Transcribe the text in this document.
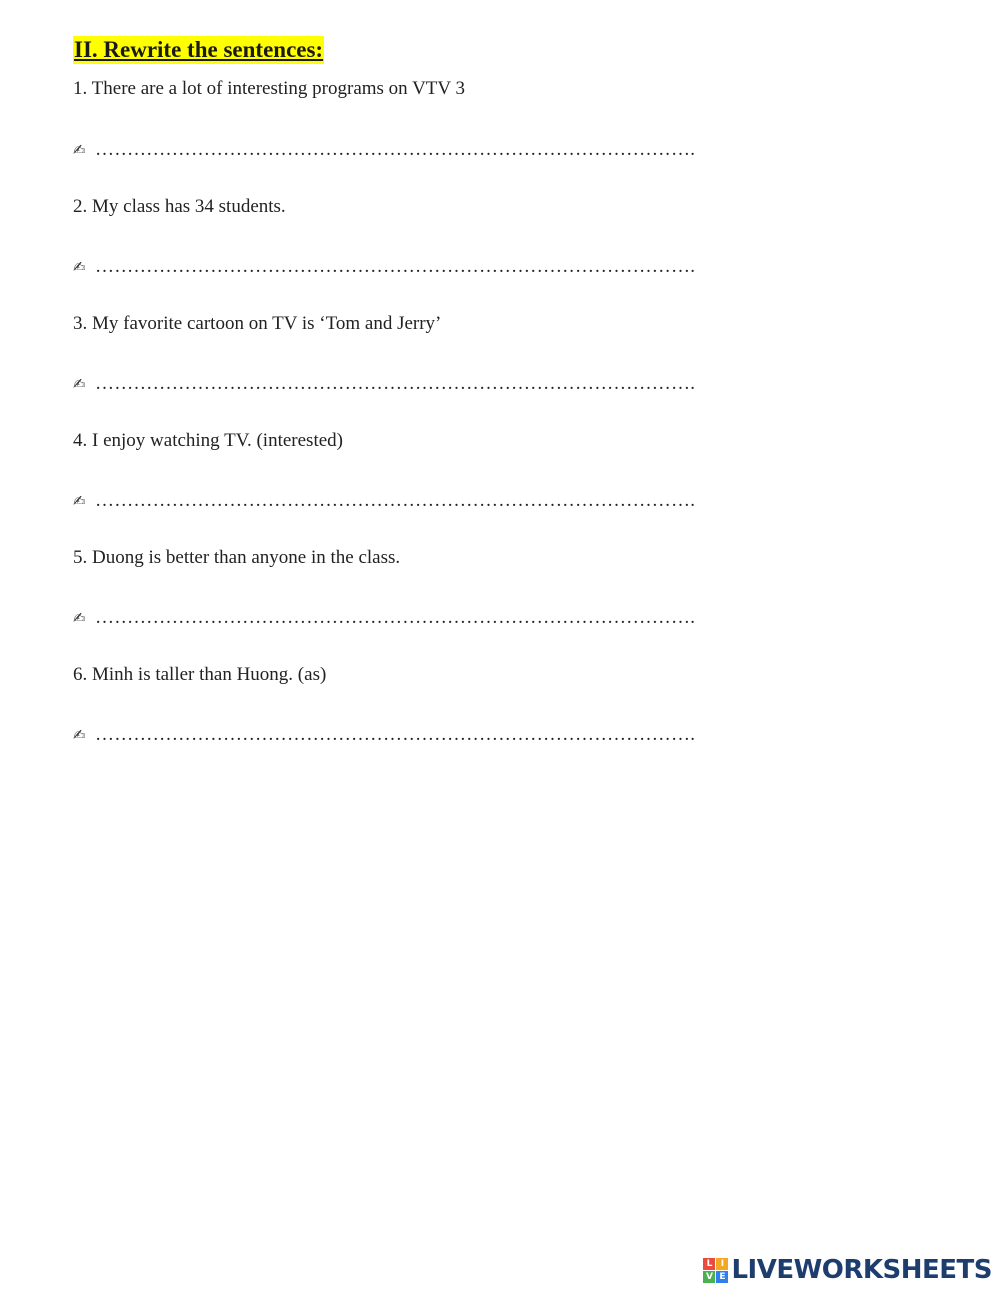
II. Rewrite the sentences:
1. There are a lot of interesting programs on VTV 3
✍ ………………………………………………………………………………….
2. My class has 34 students.
✍ ………………………………………………………………………………….
3. My favorite cartoon on TV is ‘Tom and Jerry’
✍ ………………………………………………………………………………….
4. I enjoy watching TV. (interested)
✍ ………………………………………………………………………………….
5. Duong is better than anyone in the class.
✍ ………………………………………………………………………………….
6. Minh is taller than Huong. (as)
✍ ………………………………………………………………………………….
L I
V E LIVEWORKSHEETS
